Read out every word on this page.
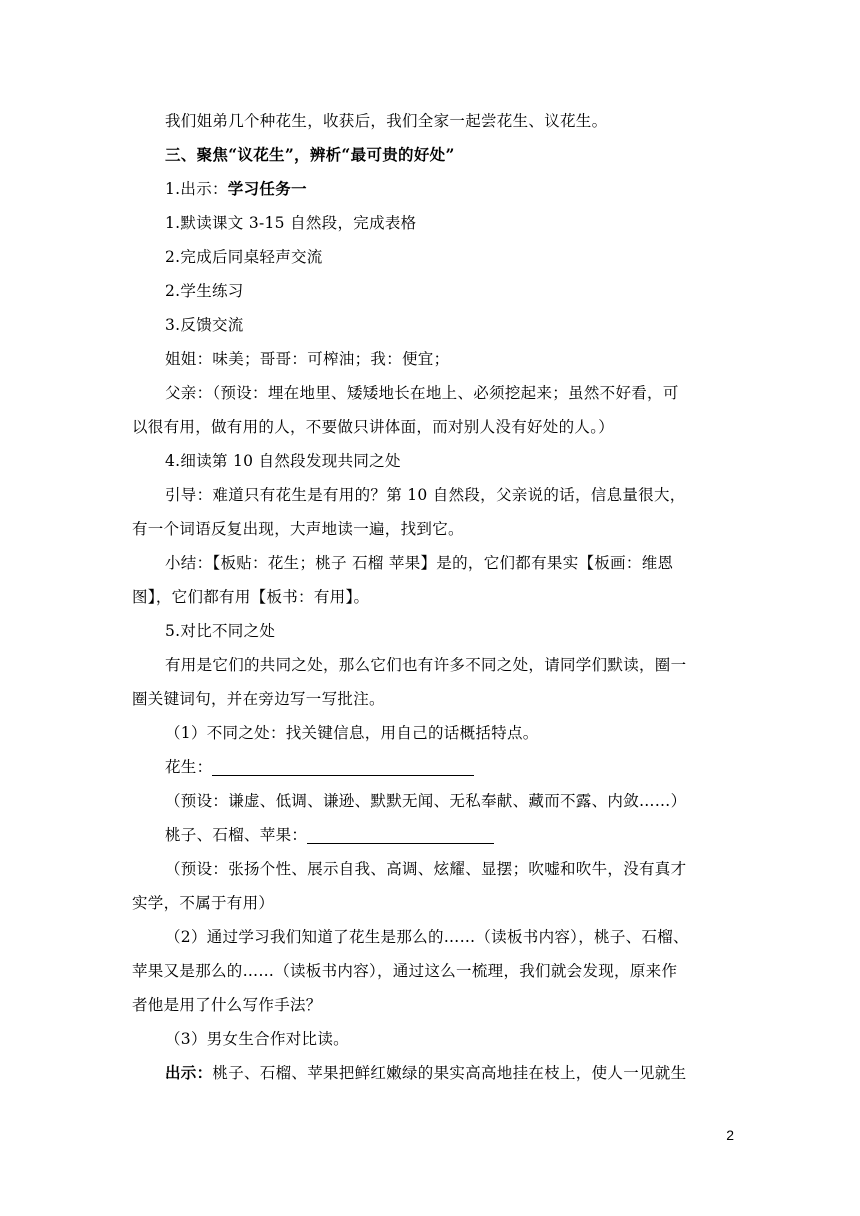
我们姐弟几个种花生，收获后，我们全家一起尝花生、议花生。
三、聚焦“议花生”，辨析“最可贵的好处”
1.出示：学习任务一
1.默读课文 3-15 自然段，完成表格
2.完成后同桌轻声交流
2.学生练习
3.反馈交流
姐姐：味美；哥哥：可榨油；我：便宜；
父亲：（预设：埋在地里、矮矮地长在地上、必须挖起来；虽然不好看，可
以很有用，做有用的人，不要做只讲体面，而对别人没有好处的人。）
4.细读第 10 自然段发现共同之处
引导：难道只有花生是有用的？第 10 自然段，父亲说的话，信息量很大，
有一个词语反复出现，大声地读一遍，找到它。
小结：【板贴：花生；桃子 石榴 苹果】是的，它们都有果实【板画：维恩
图】，它们都有用【板书：有用】。
5.对比不同之处
有用是它们的共同之处，那么它们也有许多不同之处，请同学们默读，圈一
圈关键词句，并在旁边写一写批注。
（1）不同之处：找关键信息，用自己的话概括特点。
花生：
（预设：谦虚、低调、谦逊、默默无闻、无私奉献、藏而不露、内敛……）
桃子、石榴、苹果：
（预设：张扬个性、展示自我、高调、炫耀、显摆；吹嘘和吹牛，没有真才
实学，不属于有用）
（2）通过学习我们知道了花生是那么的……（读板书内容），桃子、石榴、
苹果又是那么的……（读板书内容），通过这么一梳理，我们就会发现，原来作
者他是用了什么写作手法？
（3）男女生合作对比读。
出示：桃子、石榴、苹果把鲜红嫩绿的果实高高地挂在枝上，使人一见就生
2
